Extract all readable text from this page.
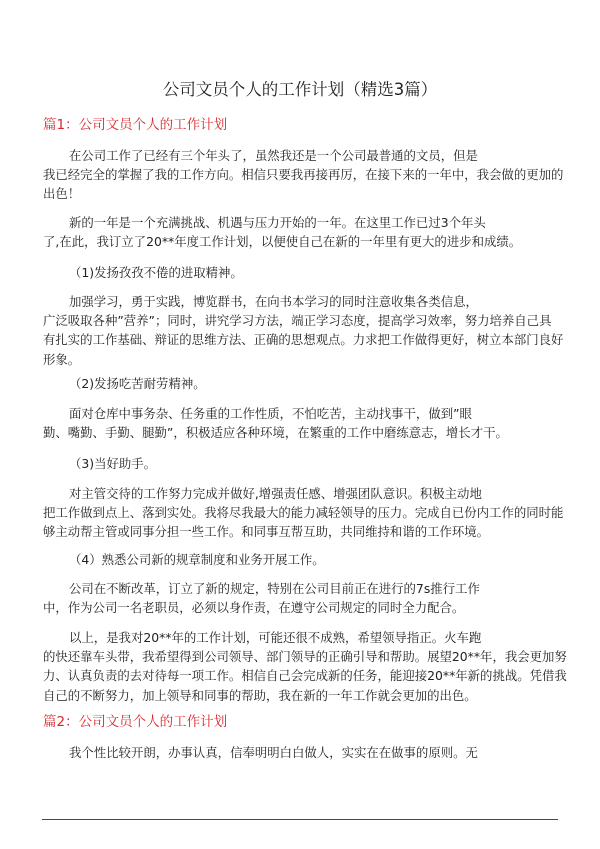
公司文员个人的工作计划（精选3篇）
篇1：公司文员个人的工作计划
在公司工作了已经有三个年头了，虽然我还是一个公司最普通的文员，但是
我已经完全的掌握了我的工作方向。相信只要我再接再厉，在接下来的一年中，我会做的更加的
出色！
新的一年是一个充满挑战、机遇与压力开始的一年。在这里工作已过3个年头
了,在此，我订立了20**年度工作计划，以便使自己在新的一年里有更大的进步和成绩。
（1)发扬孜孜不倦的进取精神。
加强学习，勇于实践，博览群书，在向书本学习的同时注意收集各类信息，
广泛吸取各种”营养”；同时，讲究学习方法，端正学习态度，提高学习效率，努力培养自己具
有扎实的工作基础、辩证的思维方法、正确的思想观点。力求把工作做得更好，树立本部门良好
形象。
（2)发扬吃苦耐劳精神。
面对仓库中事务杂、任务重的工作性质，不怕吃苦，主动找事干，做到”眼
勤、嘴勤、手勤、腿勤”，积极适应各种环境，在繁重的工作中磨练意志，增长才干。
（3)当好助手。
对主管交待的工作努力完成并做好,增强责任感、增强团队意识。积极主动地
把工作做到点上、落到实处。我将尽我最大的能力减轻领导的压力。完成自已份内工作的同时能
够主动帮主管或同事分担一些工作。和同事互帮互助，共同维持和谐的工作环境。
（4）熟悉公司新的规章制度和业务开展工作。
公司在不断改革，订立了新的规定，特别在公司目前正在进行的7s推行工作
中，作为公司一名老职员，必须以身作责，在遵守公司规定的同时全力配合。
以上，是我对20**年的工作计划，可能还很不成熟，希望领导指正。火车跑
的快还靠车头带，我希望得到公司领导、部门领导的正确引导和帮助。展望20**年，我会更加努
力、认真负责的去对待每一项工作。相信自己会完成新的任务，能迎接20**年新的挑战。凭借我
自己的不断努力，加上领导和同事的帮助，我在新的一年工作就会更加的出色。
篇2：公司文员个人的工作计划
我个性比较开朗，办事认真，信奉明明白白做人，实实在在做事的原则。无
